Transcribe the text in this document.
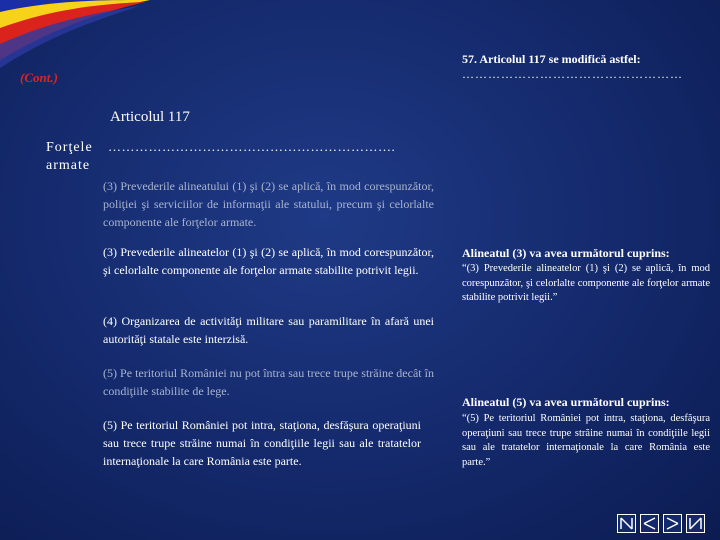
57. Articolul 117 se modifică astfel:
……………………………………………
(Cont.)
Articolul 117
Forţele armate
……………………………………………………….
(3) Prevederile alineatului (1) şi (2) se aplică, în mod corespunzător, poliţiei şi serviciilor de informaţii ale statului, precum şi celorlalte componente ale forţelor armate.
(3) Prevederile alineatelor (1) şi (2) se aplică, în mod corespunzător, şi celorlalte componente ale forţelor armate stabilite potrivit legii.
(4) Organizarea de activităţi militare sau paramilitare în afară unei autorităţi statale este interzisă.
(5) Pe teritoriul României nu pot întra sau trece trupe străine decât în condiţiile stabilite de lege.
(5) Pe teritoriul României pot intra, staţiona, desfăşura operaţiuni sau trece trupe străine numai în condiţiile legii sau ale tratatelor internaţionale la care România este parte.
Alineatul (3) va avea următorul cuprins:
“(3) Prevederile alineatelor (1) şi (2) se aplică, în mod corespunzător, şi celorlalte componente ale forţelor armate stabilite potrivit legii.”
Alineatul (5) va avea următorul cuprins:
“(5) Pe teritoriul României pot intra, staţiona, desfăşura operaţiuni sau trece trupe străine numai în condiţiile legii sau ale tratatelor internaţionale la care România este parte.”
